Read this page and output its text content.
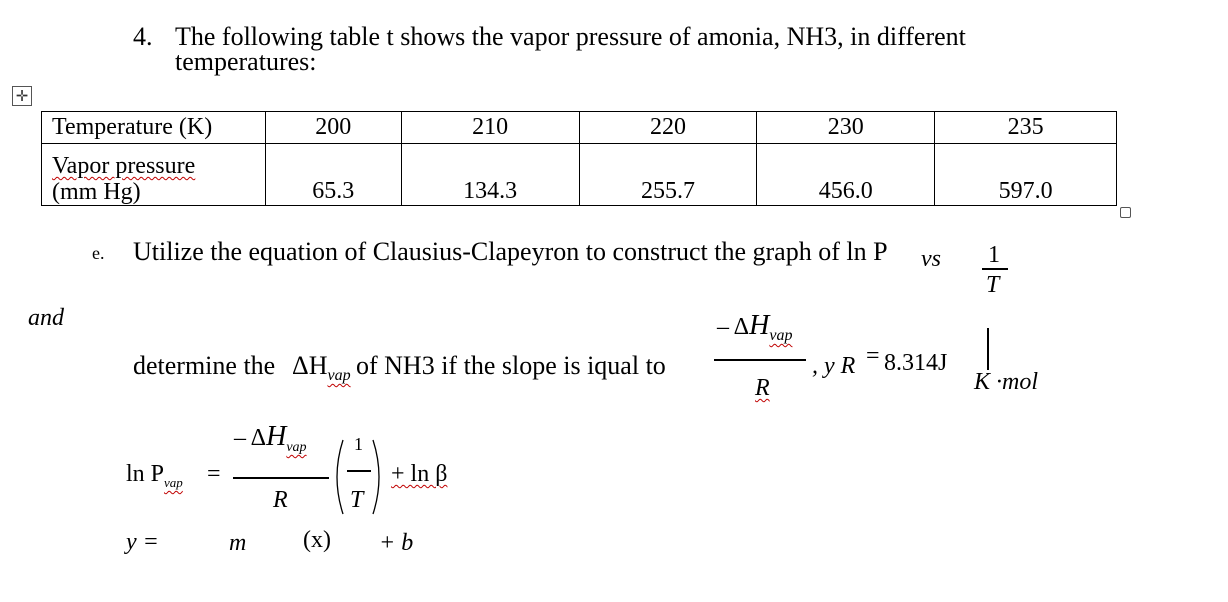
✛
4. The following table t shows the vapor pressure of amonia, NH3, in different
temperatures:
Temperature (K)	200	210	220	230	235

Vapor pressure
(mm Hg)	65.3	134.3	255.7	456.0	597.0
e. Utilize the equation of Clausius-Clapeyron to construct the graph of ln P vs 1
T
and
determine the $\Delta H_{vap}$ of NH3 if the slope is iqual to
– $\Delta H_{vap}$
R
, y R = 8.314J
K ·mol
$\ln P_{vap}$ =
– $\Delta H_{vap}$
R
1
T
+ ln β
y =	m (x) + b
